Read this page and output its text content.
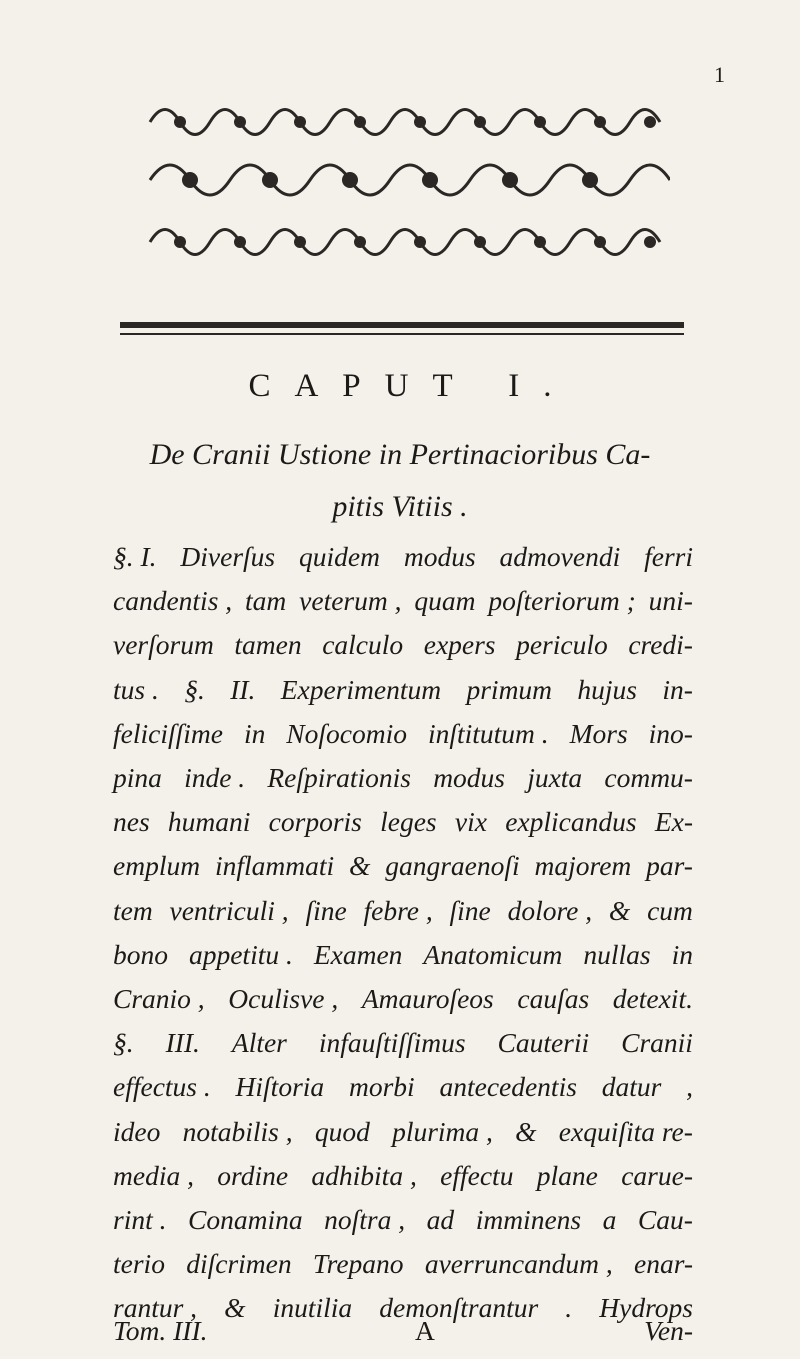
1
CAPUT I.
De Cranii Ustione in Pertinacioribus Ca-
pitis Vitiis .
§. I. Diverſus quidem modus admovendi ferri
candentis , tam veterum , quam poſteriorum ; uni-
verſorum tamen calculo expers periculo credi-
tus . §. II. Experimentum primum hujus in-
feliciſſime in Noſocomio inſtitutum . Mors ino-
pina inde . Reſpirationis modus juxta commu-
nes humani corporis leges vix explicandus Ex-
emplum inflammati & gangraenoſi majorem par-
tem ventriculi , ſine febre , ſine dolore , & cum
bono appetitu . Examen Anatomicum nullas in
Cranio , Oculisve , Amauroſeos cauſas detexit.
§. III. Alter infauſtiſſimus Cauterii Cranii
effectus . Hiſtoria morbi antecedentis datur ,
ideo notabilis , quod plurima , & exquiſita re-
media , ordine adhibita , effectu plane carue-
rint . Conamina noſtra , ad imminens a Cau-
terio diſcrimen Trepano averruncandum , enar-
rantur , & inutilia demonſtrantur . Hydrops
Tom. III.	A	Ven-
